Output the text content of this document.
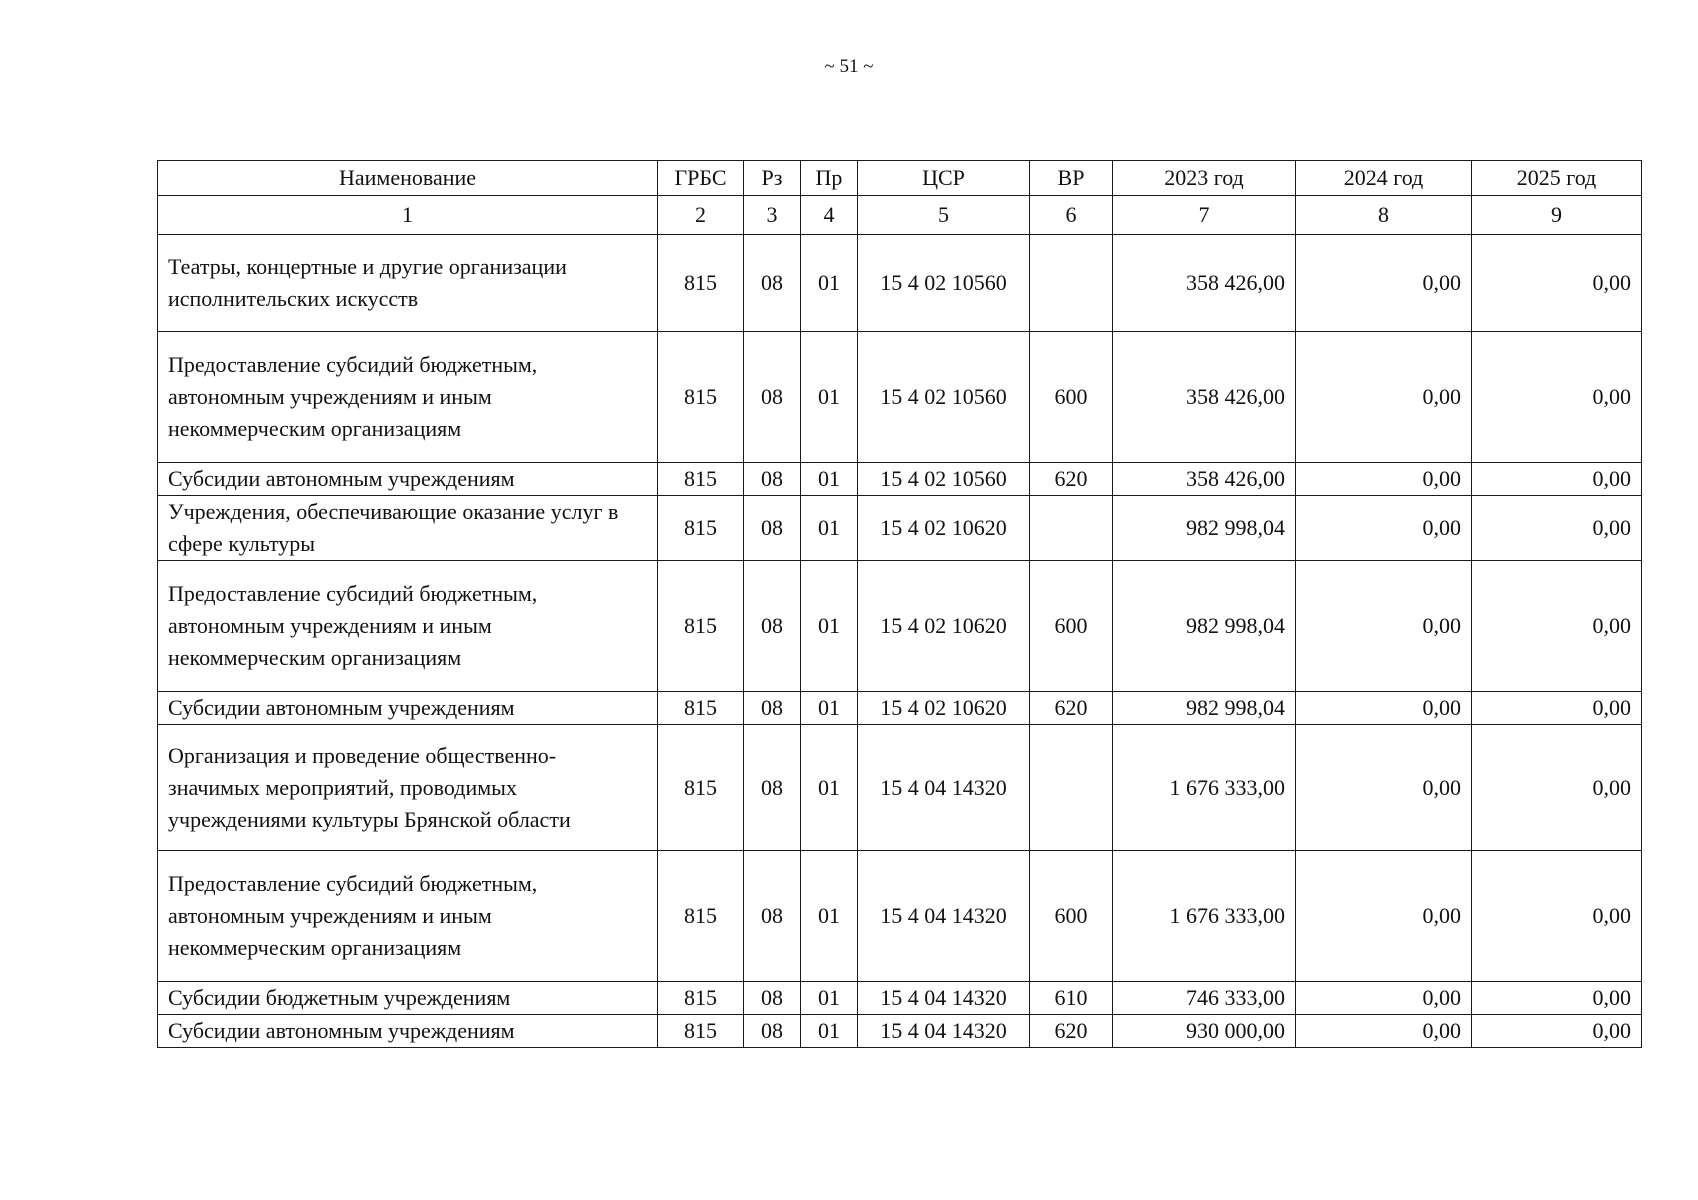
~ 51 ~
Наименование	ГРБС	Рз	Пр	ЦСР	ВР	2023 год	2024 год	2025 год
1	2	3	4	5	6	7	8	9
Театры, концертные и другие организации исполнительских искусств	815	08	01	15 4 02 10560		358 426,00	0,00	0,00
Предоставление субсидий бюджетным, автономным учреждениям и иным некоммерческим организациям	815	08	01	15 4 02 10560	600	358 426,00	0,00	0,00
Субсидии автономным учреждениям	815	08	01	15 4 02 10560	620	358 426,00	0,00	0,00
Учреждения, обеспечивающие оказание услуг в сфере культуры	815	08	01	15 4 02 10620		982 998,04	0,00	0,00
Предоставление субсидий бюджетным, автономным учреждениям и иным некоммерческим организациям	815	08	01	15 4 02 10620	600	982 998,04	0,00	0,00
Субсидии автономным учреждениям	815	08	01	15 4 02 10620	620	982 998,04	0,00	0,00
Организация и проведение общественно-значимых мероприятий, проводимых учреждениями культуры Брянской области	815	08	01	15 4 04 14320		1 676 333,00	0,00	0,00
Предоставление субсидий бюджетным, автономным учреждениям и иным некоммерческим организациям	815	08	01	15 4 04 14320	600	1 676 333,00	0,00	0,00
Субсидии бюджетным учреждениям	815	08	01	15 4 04 14320	610	746 333,00	0,00	0,00
Субсидии автономным учреждениям	815	08	01	15 4 04 14320	620	930 000,00	0,00	0,00
